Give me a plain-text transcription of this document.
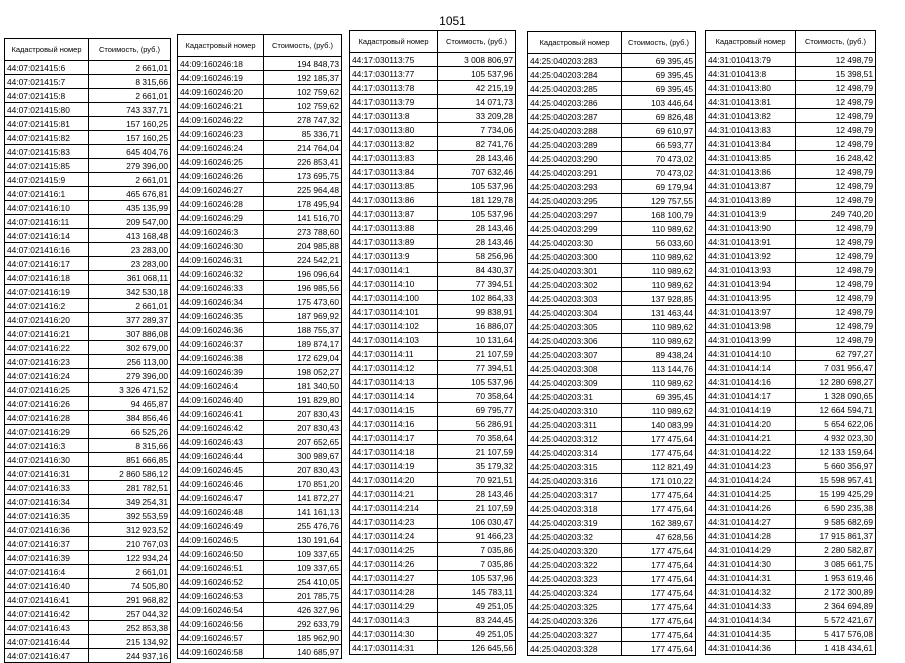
1051
Кадастровый номер	Стоимость, (руб.)
44:07:021415:6	2 661,01
44:07:021415:7	8 315,66
44:07:021415:8	2 661,01
44:07:021415:80	743 337,71
44:07:021415:81	157 160,25
44:07:021415:82	157 160,25
44:07:021415:83	645 404,76
44:07:021415:85	279 396,00
44:07:021415:9	2 661,01
44:07:021416:1	465 676,81
44:07:021416:10	435 135,99
44:07:021416:11	209 547,00
44:07:021416:14	413 168,48
44:07:021416:16	23 283,00
44:07:021416:17	23 283,00
44:07:021416:18	361 068,11
44:07:021416:19	342 530,18
44:07:021416:2	2 661,01
44:07:021416:20	377 289,37
44:07:021416:21	307 886,08
44:07:021416:22	302 679,00
44:07:021416:23	256 113,00
44:07:021416:24	279 396,00
44:07:021416:25	3 326 471,52
44:07:021416:26	94 465,87
44:07:021416:28	384 856,46
44:07:021416:29	66 525,26
44:07:021416:3	8 315,66
44:07:021416:30	851 666,85
44:07:021416:31	2 860 586,12
44:07:021416:33	281 782,51
44:07:021416:34	349 254,31
44:07:021416:35	392 553,59
44:07:021416:36	312 923,52
44:07:021416:37	210 767,03
44:07:021416:39	122 934,24
44:07:021416:4	2 661,01
44:07:021416:40	74 505,80
44:07:021416:41	291 968,82
44:07:021416:42	257 044,32
44:07:021416:43	252 853,38
44:07:021416:44	215 134,92
44:07:021416:47	244 937,16
Кадастровый номер	Стоимость, (руб.)
44:09:160246:18	194 848,73
44:09:160246:19	192 185,37
44:09:160246:20	102 759,62
44:09:160246:21	102 759,62
44:09:160246:22	278 747,32
44:09:160246:23	85 336,71
44:09:160246:24	214 764,04
44:09:160246:25	226 853,41
44:09:160246:26	173 695,75
44:09:160246:27	225 964,48
44:09:160246:28	178 495,94
44:09:160246:29	141 516,70
44:09:160246:3	273 788,60
44:09:160246:30	204 985,88
44:09:160246:31	224 542,21
44:09:160246:32	196 096,64
44:09:160246:33	196 985,56
44:09:160246:34	175 473,60
44:09:160246:35	187 969,92
44:09:160246:36	188 755,37
44:09:160246:37	189 874,17
44:09:160246:38	172 629,04
44:09:160246:39	198 052,27
44:09:160246:4	181 340,50
44:09:160246:40	191 829,80
44:09:160246:41	207 830,43
44:09:160246:42	207 830,43
44:09:160246:43	207 652,65
44:09:160246:44	300 989,67
44:09:160246:45	207 830,43
44:09:160246:46	170 851,20
44:09:160246:47	141 872,27
44:09:160246:48	141 161,13
44:09:160246:49	255 476,76
44:09:160246:5	130 191,64
44:09:160246:50	109 337,65
44:09:160246:51	109 337,65
44:09:160246:52	254 410,05
44:09:160246:53	201 785,75
44:09:160246:54	426 327,96
44:09:160246:56	292 633,79
44:09:160246:57	185 962,90
44:09:160246:58	140 685,97
Кадастровый номер	Стоимость, (руб.)
44:17:030113:75	3 008 806,97
44:17:030113:77	105 537,96
44:17:030113:78	42 215,19
44:17:030113:79	14 071,73
44:17:030113:8	33 209,28
44:17:030113:80	7 734,06
44:17:030113:82	82 741,76
44:17:030113:83	28 143,46
44:17:030113:84	707 632,46
44:17:030113:85	105 537,96
44:17:030113:86	181 129,78
44:17:030113:87	105 537,96
44:17:030113:88	28 143,46
44:17:030113:89	28 143,46
44:17:030113:9	58 256,96
44:17:030114:1	84 430,37
44:17:030114:10	77 394,51
44:17:030114:100	102 864,33
44:17:030114:101	99 838,91
44:17:030114:102	16 886,07
44:17:030114:103	10 131,64
44:17:030114:11	21 107,59
44:17:030114:12	77 394,51
44:17:030114:13	105 537,96
44:17:030114:14	70 358,64
44:17:030114:15	69 795,77
44:17:030114:16	56 286,91
44:17:030114:17	70 358,64
44:17:030114:18	21 107,59
44:17:030114:19	35 179,32
44:17:030114:20	70 921,51
44:17:030114:21	28 143,46
44:17:030114:214	21 107,59
44:17:030114:23	106 030,47
44:17:030114:24	91 466,23
44:17:030114:25	7 035,86
44:17:030114:26	7 035,86
44:17:030114:27	105 537,96
44:17:030114:28	145 783,11
44:17:030114:29	49 251,05
44:17:030114:3	83 244,45
44:17:030114:30	49 251,05
44:17:030114:31	126 645,56
Кадастровый номер	Стоимость, (руб.)
44:25:040203:283	69 395,45
44:25:040203:284	69 395,45
44:25:040203:285	69 395,45
44:25:040203:286	103 446,64
44:25:040203:287	69 826,48
44:25:040203:288	69 610,97
44:25:040203:289	66 593,77
44:25:040203:290	70 473,02
44:25:040203:291	70 473,02
44:25:040203:293	69 179,94
44:25:040203:295	129 757,55
44:25:040203:297	168 100,79
44:25:040203:299	110 989,62
44:25:040203:30	56 033,60
44:25:040203:300	110 989,62
44:25:040203:301	110 989,62
44:25:040203:302	110 989,62
44:25:040203:303	137 928,85
44:25:040203:304	131 463,44
44:25:040203:305	110 989,62
44:25:040203:306	110 989,62
44:25:040203:307	89 438,24
44:25:040203:308	113 144,76
44:25:040203:309	110 989,62
44:25:040203:31	69 395,45
44:25:040203:310	110 989,62
44:25:040203:311	140 083,99
44:25:040203:312	177 475,64
44:25:040203:314	177 475,64
44:25:040203:315	112 821,49
44:25:040203:316	171 010,22
44:25:040203:317	177 475,64
44:25:040203:318	177 475,64
44:25:040203:319	162 389,67
44:25:040203:32	47 628,56
44:25:040203:320	177 475,64
44:25:040203:322	177 475,64
44:25:040203:323	177 475,64
44:25:040203:324	177 475,64
44:25:040203:325	177 475,64
44:25:040203:326	177 475,64
44:25:040203:327	177 475,64
44:25:040203:328	177 475,64
Кадастровый номер	Стоимость, (руб.)
44:31:010413:79	12 498,79
44:31:010413:8	15 398,51
44:31:010413:80	12 498,79
44:31:010413:81	12 498,79
44:31:010413:82	12 498,79
44:31:010413:83	12 498,79
44:31:010413:84	12 498,79
44:31:010413:85	16 248,42
44:31:010413:86	12 498,79
44:31:010413:87	12 498,79
44:31:010413:89	12 498,79
44:31:010413:9	249 740,20
44:31:010413:90	12 498,79
44:31:010413:91	12 498,79
44:31:010413:92	12 498,79
44:31:010413:93	12 498,79
44:31:010413:94	12 498,79
44:31:010413:95	12 498,79
44:31:010413:97	12 498,79
44:31:010413:98	12 498,79
44:31:010413:99	12 498,79
44:31:010414:10	62 797,27
44:31:010414:14	7 031 956,47
44:31:010414:16	12 280 698,27
44:31:010414:17	1 328 090,65
44:31:010414:19	12 664 594,71
44:31:010414:20	5 654 622,06
44:31:010414:21	4 932 023,30
44:31:010414:22	12 133 159,64
44:31:010414:23	5 660 356,97
44:31:010414:24	15 598 957,41
44:31:010414:25	15 199 425,29
44:31:010414:26	6 590 235,38
44:31:010414:27	9 585 682,69
44:31:010414:28	17 915 861,37
44:31:010414:29	2 280 582,87
44:31:010414:30	3 085 661,75
44:31:010414:31	1 953 619,46
44:31:010414:32	2 172 300,89
44:31:010414:33	2 364 694,89
44:31:010414:34	5 572 421,67
44:31:010414:35	5 417 576,08
44:31:010414:36	1 418 434,61
